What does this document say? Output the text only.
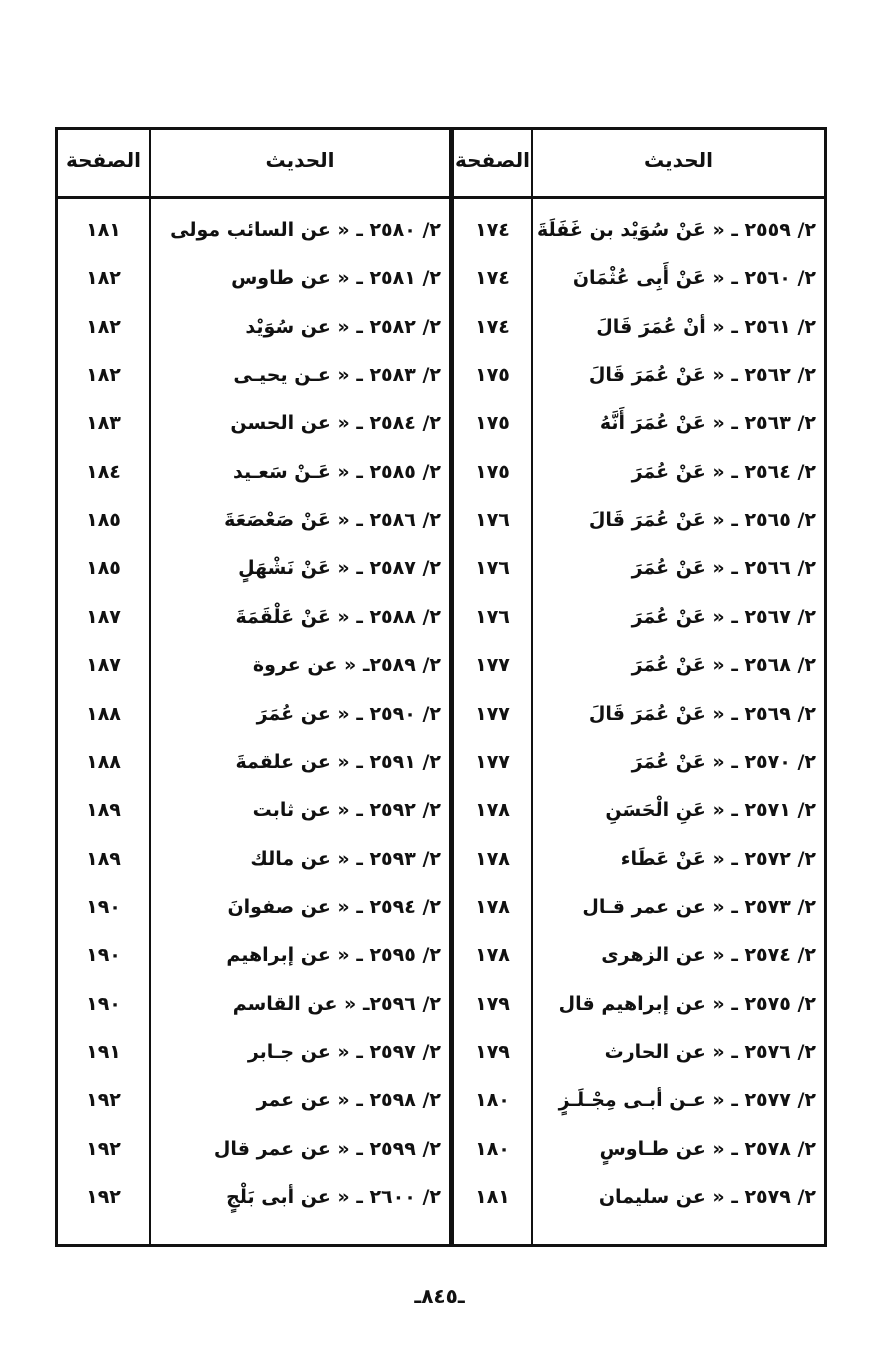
الحديث
الصفحة
الحديث
الصفحة
٢/ ٢٥٥٩ ـ « عَنْ سُوَيْد بن غَفَلَةَ
١٧٤
٢/ ٢٥٨٠ ـ « عن السائب مولى
١٨١
٢/ ٢٥٦٠ ـ « عَنْ أَبِى عُثْمَانَ
١٧٤
٢/ ٢٥٨١ ـ « عن طاوس
١٨٢
٢/ ٢٥٦١ ـ « أنْ عُمَرَ قَالَ
١٧٤
٢/ ٢٥٨٢ ـ « عن سُوَيْد
١٨٢
٢/ ٢٥٦٢ ـ « عَنْ عُمَرَ قَالَ
١٧٥
٢/ ٢٥٨٣ ـ « عـن يحيـى
١٨٢
٢/ ٢٥٦٣ ـ « عَنْ عُمَرَ أَنَّهُ
١٧٥
٢/ ٢٥٨٤ ـ « عن الحسن
١٨٣
٢/ ٢٥٦٤ ـ « عَنْ عُمَرَ
١٧٥
٢/ ٢٥٨٥ ـ « عَـنْ سَعـيد
١٨٤
٢/ ٢٥٦٥ ـ « عَنْ عُمَرَ قَالَ
١٧٦
٢/ ٢٥٨٦ ـ « عَنْ صَعْصَعَةَ
١٨٥
٢/ ٢٥٦٦ ـ « عَنْ عُمَرَ
١٧٦
٢/ ٢٥٨٧ ـ « عَنْ نَشْهَلٍ
١٨٥
٢/ ٢٥٦٧ ـ « عَنْ عُمَرَ
١٧٦
٢/ ٢٥٨٨ ـ « عَنْ عَلْقَمَةَ
١٨٧
٢/ ٢٥٦٨ ـ « عَنْ عُمَرَ
١٧٧
٢/ ٢٥٨٩ـ « عن عروة
١٨٧
٢/ ٢٥٦٩ ـ « عَنْ عُمَرَ قَالَ
١٧٧
٢/ ٢٥٩٠ ـ « عن عُمَرَ
١٨٨
٢/ ٢٥٧٠ ـ « عَنْ عُمَرَ
١٧٧
٢/ ٢٥٩١ ـ « عن علقمةَ
١٨٨
٢/ ٢٥٧١ ـ « عَنِ الْحَسَنِ
١٧٨
٢/ ٢٥٩٢ ـ « عن ثابت
١٨٩
٢/ ٢٥٧٢ ـ « عَنْ عَطَاء
١٧٨
٢/ ٢٥٩٣ ـ « عن مالك
١٨٩
٢/ ٢٥٧٣ ـ « عن عمر قـال
١٧٨
٢/ ٢٥٩٤ ـ « عن صفوانَ
١٩٠
٢/ ٢٥٧٤ ـ « عن الزهرى
١٧٨
٢/ ٢٥٩٥ ـ « عن إبراهيم
١٩٠
٢/ ٢٥٧٥ ـ « عن إبراهيم قال
١٧٩
٢/ ٢٥٩٦ـ « عن القاسم
١٩٠
٢/ ٢٥٧٦ ـ « عن الحارث
١٧٩
٢/ ٢٥٩٧ ـ « عن جـابر
١٩١
٢/ ٢٥٧٧ ـ « عـن أبـى مِجْـلَـزٍ
١٨٠
٢/ ٢٥٩٨ ـ « عن عمر
١٩٢
٢/ ٢٥٧٨ ـ « عن طـاوسٍ
١٨٠
٢/ ٢٥٩٩ ـ « عن عمر قال
١٩٢
٢/ ٢٥٧٩ ـ « عن سليمان
١٨١
٢/ ٢٦٠٠ ـ « عن أبى بَلْجٍ
١٩٢
ـ٨٤٥ـ
